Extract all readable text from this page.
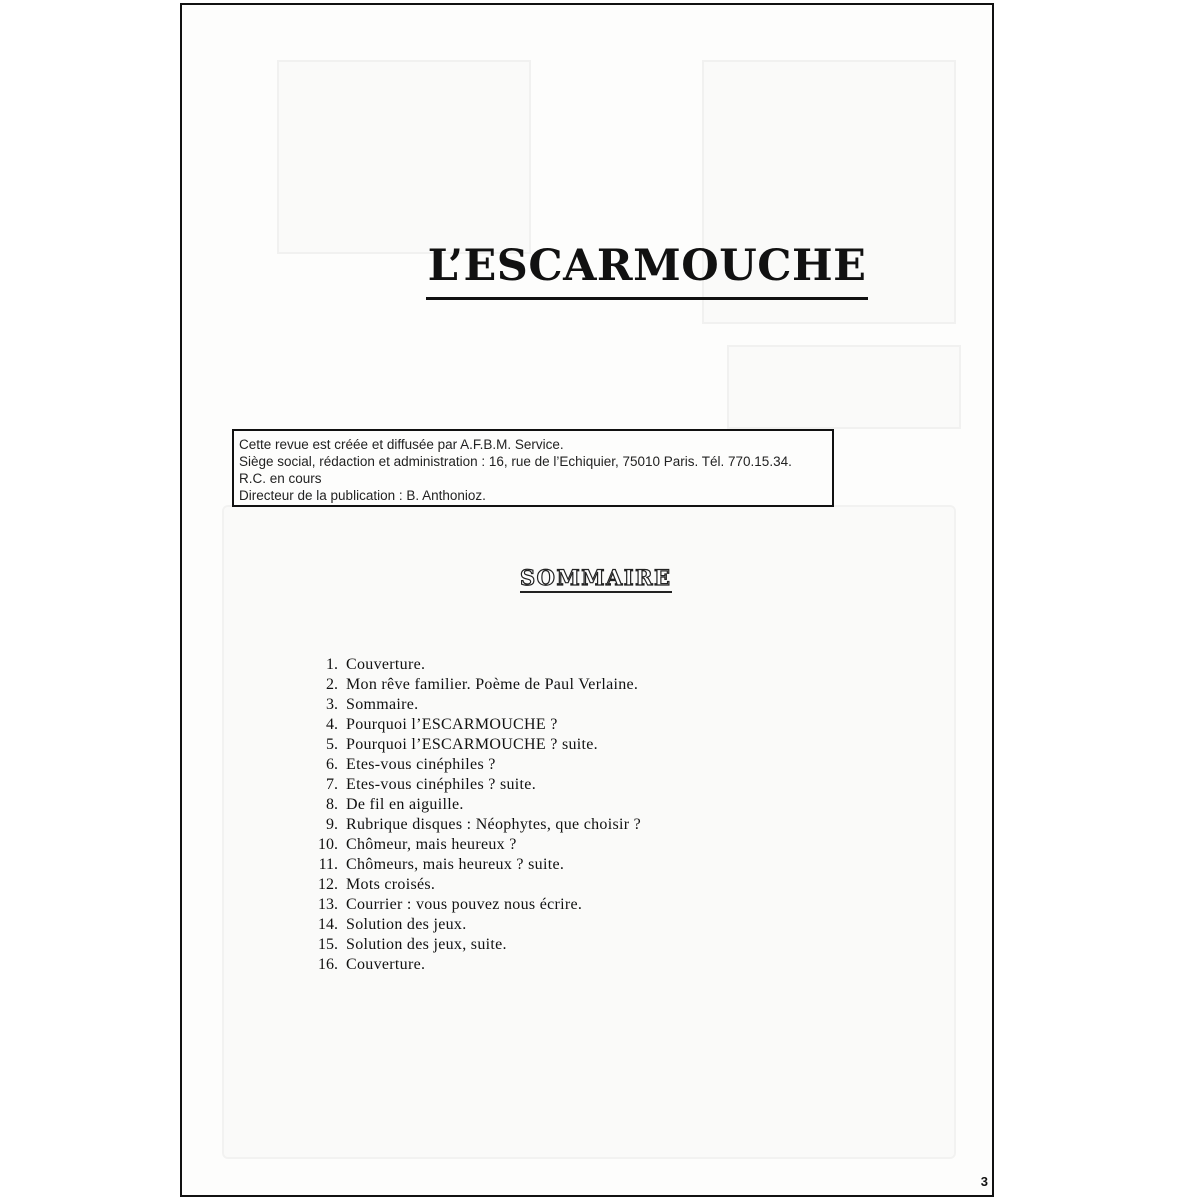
L’ESCARMOUCHE
Cette revue est créée et diffusée par A.F.B.M. Service.
Siège social, rédaction et administration : 16, rue de l’Echiquier, 75010 Paris. Tél. 770.15.34.
R.C. en cours
Directeur de la publication : B. Anthonioz.
SOMMAIRE
1. Couverture.
2. Mon rêve familier. Poème de Paul Verlaine.
3. Sommaire.
4. Pourquoi l’ESCARMOUCHE ?
5. Pourquoi l’ESCARMOUCHE ? suite.
6. Etes-vous cinéphiles ?
7. Etes-vous cinéphiles ? suite.
8. De fil en aiguille.
9. Rubrique disques : Néophytes, que choisir ?
10. Chômeur, mais heureux ?
11. Chômeurs, mais heureux ? suite.
12. Mots croisés.
13. Courrier : vous pouvez nous écrire.
14. Solution des jeux.
15. Solution des jeux, suite.
16. Couverture.
3
